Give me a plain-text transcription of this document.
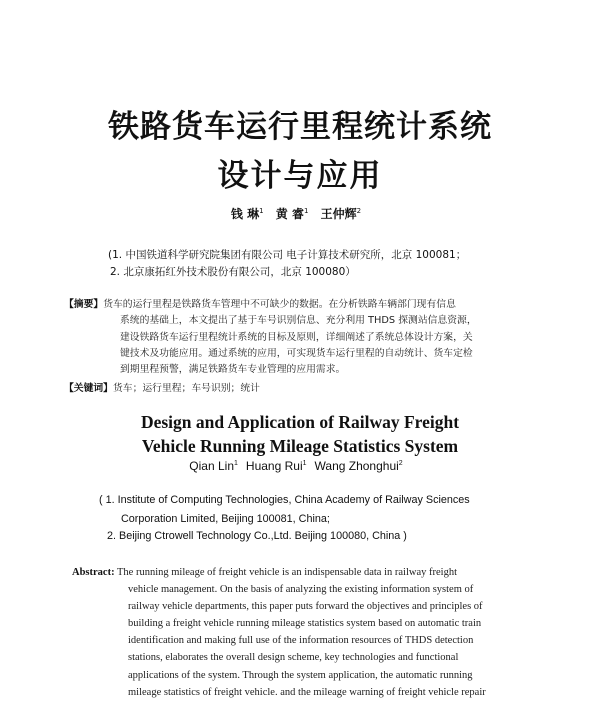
铁路货车运行里程统计系统
设计与应用
钱 琳$^1$ 黄 睿$^1$ 王仲辉$^2$
(1. 中国铁道科学研究院集团有限公司 电子计算技术研究所，北京 100081；
2. 北京康拓红外技术股份有限公司，北京 100080）
【摘要】货车的运行里程是铁路货车管理中不可缺少的数据。在分析铁路车辆部门现有信息
系统的基础上，本文提出了基于车号识别信息、充分利用 THDS 探测站信息资源，
建设铁路货车运行里程统计系统的目标及原则，详细阐述了系统总体设计方案，关
键技术及功能应用。通过系统的应用，可实现货车运行里程的自动统计、货车定检
到期里程预警，满足铁路货车专业管理的应用需求。
【关键词】货车；运行里程；车号识别；统计
Design and Application of Railway Freight
Vehicle Running Mileage Statistics System
Qian Lin$^1$ Huang Rui$^1$ Wang Zhonghui$^2$
( 1. Institute of Computing Technologies, China Academy of Railway Sciences
Corporation Limited, Beijing 100081, China;
2. Beijing Ctrowell Technology Co.,Ltd. Beijing 100080, China )
Abstract: The running mileage of freight vehicle is an indispensable data in railway freight
vehicle management. On the basis of analyzing the existing information system of
railway vehicle departments, this paper puts forward the objectives and principles of
building a freight vehicle running mileage statistics system based on automatic train
identification and making full use of the information resources of THDS detection
stations, elaborates the overall design scheme, key technologies and functional
applications of the system. Through the system application, the automatic running
mileage statistics of freight vehicle. and the mileage warning of freight vehicle repair
